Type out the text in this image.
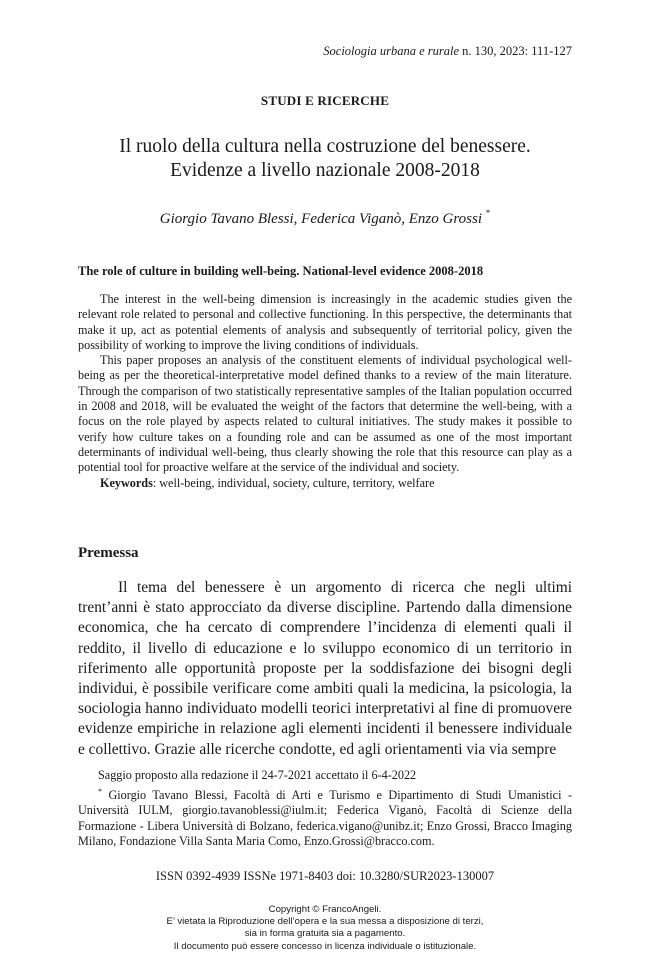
Sociologia urbana e rurale n. 130, 2023: 111-127
STUDI E RICERCHE
Il ruolo della cultura nella costruzione del benessere.
Evidenze a livello nazionale 2008-2018
Giorgio Tavano Blessi, Federica Viganò, Enzo Grossi *
The role of culture in building well-being. National-level evidence 2008-2018

The interest in the well-being dimension is increasingly in the academic studies given the relevant role related to personal and collective functioning. In this perspective, the determinants that make it up, act as potential elements of analysis and subsequently of territorial policy, given the possibility of working to improve the living conditions of individuals.

This paper proposes an analysis of the constituent elements of individual psychological well-being as per the theoretical-interpretative model defined thanks to a review of the main literature. Through the comparison of two statistically representative samples of the Italian population occurred in 2008 and 2018, will be evaluated the weight of the factors that determine the well-being, with a focus on the role played by aspects related to cultural initiatives. The study makes it possible to verify how culture takes on a founding role and can be assumed as one of the most important determinants of individual well-being, thus clearly showing the role that this resource can play as a potential tool for proactive welfare at the service of the individual and society.

Keywords: well-being, individual, society, culture, territory, welfare

Premessa

Il tema del benessere è un argomento di ricerca che negli ultimi trent’anni è stato approcciato da diverse discipline. Partendo dalla dimensione economica, che ha cercato di comprendere l’incidenza di elementi quali il reddito, il livello di educazione e lo sviluppo economico di un territorio in riferimento alle opportunità proposte per la soddisfazione dei bisogni degli individui, è possibile verificare come ambiti quali la medicina, la psicologia, la sociologia hanno individuato modelli teorici interpretativi al fine di promuovere evidenze empiriche in relazione agli elementi incidenti il benessere individuale e collettivo. Grazie alle ricerche condotte, ed agli orientamenti via via sempre

Saggio proposto alla redazione il 24-7-2021 accettato il 6-4-2022

* Giorgio Tavano Blessi, Facoltà di Arti e Turismo e Dipartimento di Studi Umanistici - Università IULM, giorgio.tavanoblessi@iulm.it; Federica Viganò, Facoltà di Scienze della Formazione - Libera Università di Bolzano, federica.vigano@unibz.it; Enzo Grossi, Bracco Imaging Milano, Fondazione Villa Santa Maria Como, Enzo.Grossi@bracco.com.

ISSN 0392-4939 ISSNe 1971-8403 doi: 10.3280/SUR2023-130007
Copyright © FrancoAngeli.
E’ vietata la Riproduzione dell’opera e la sua messa a disposizione di terzi,
sia in forma gratuita sia a pagamento.
Il documento può essere concesso in licenza individuale o istituzionale.
